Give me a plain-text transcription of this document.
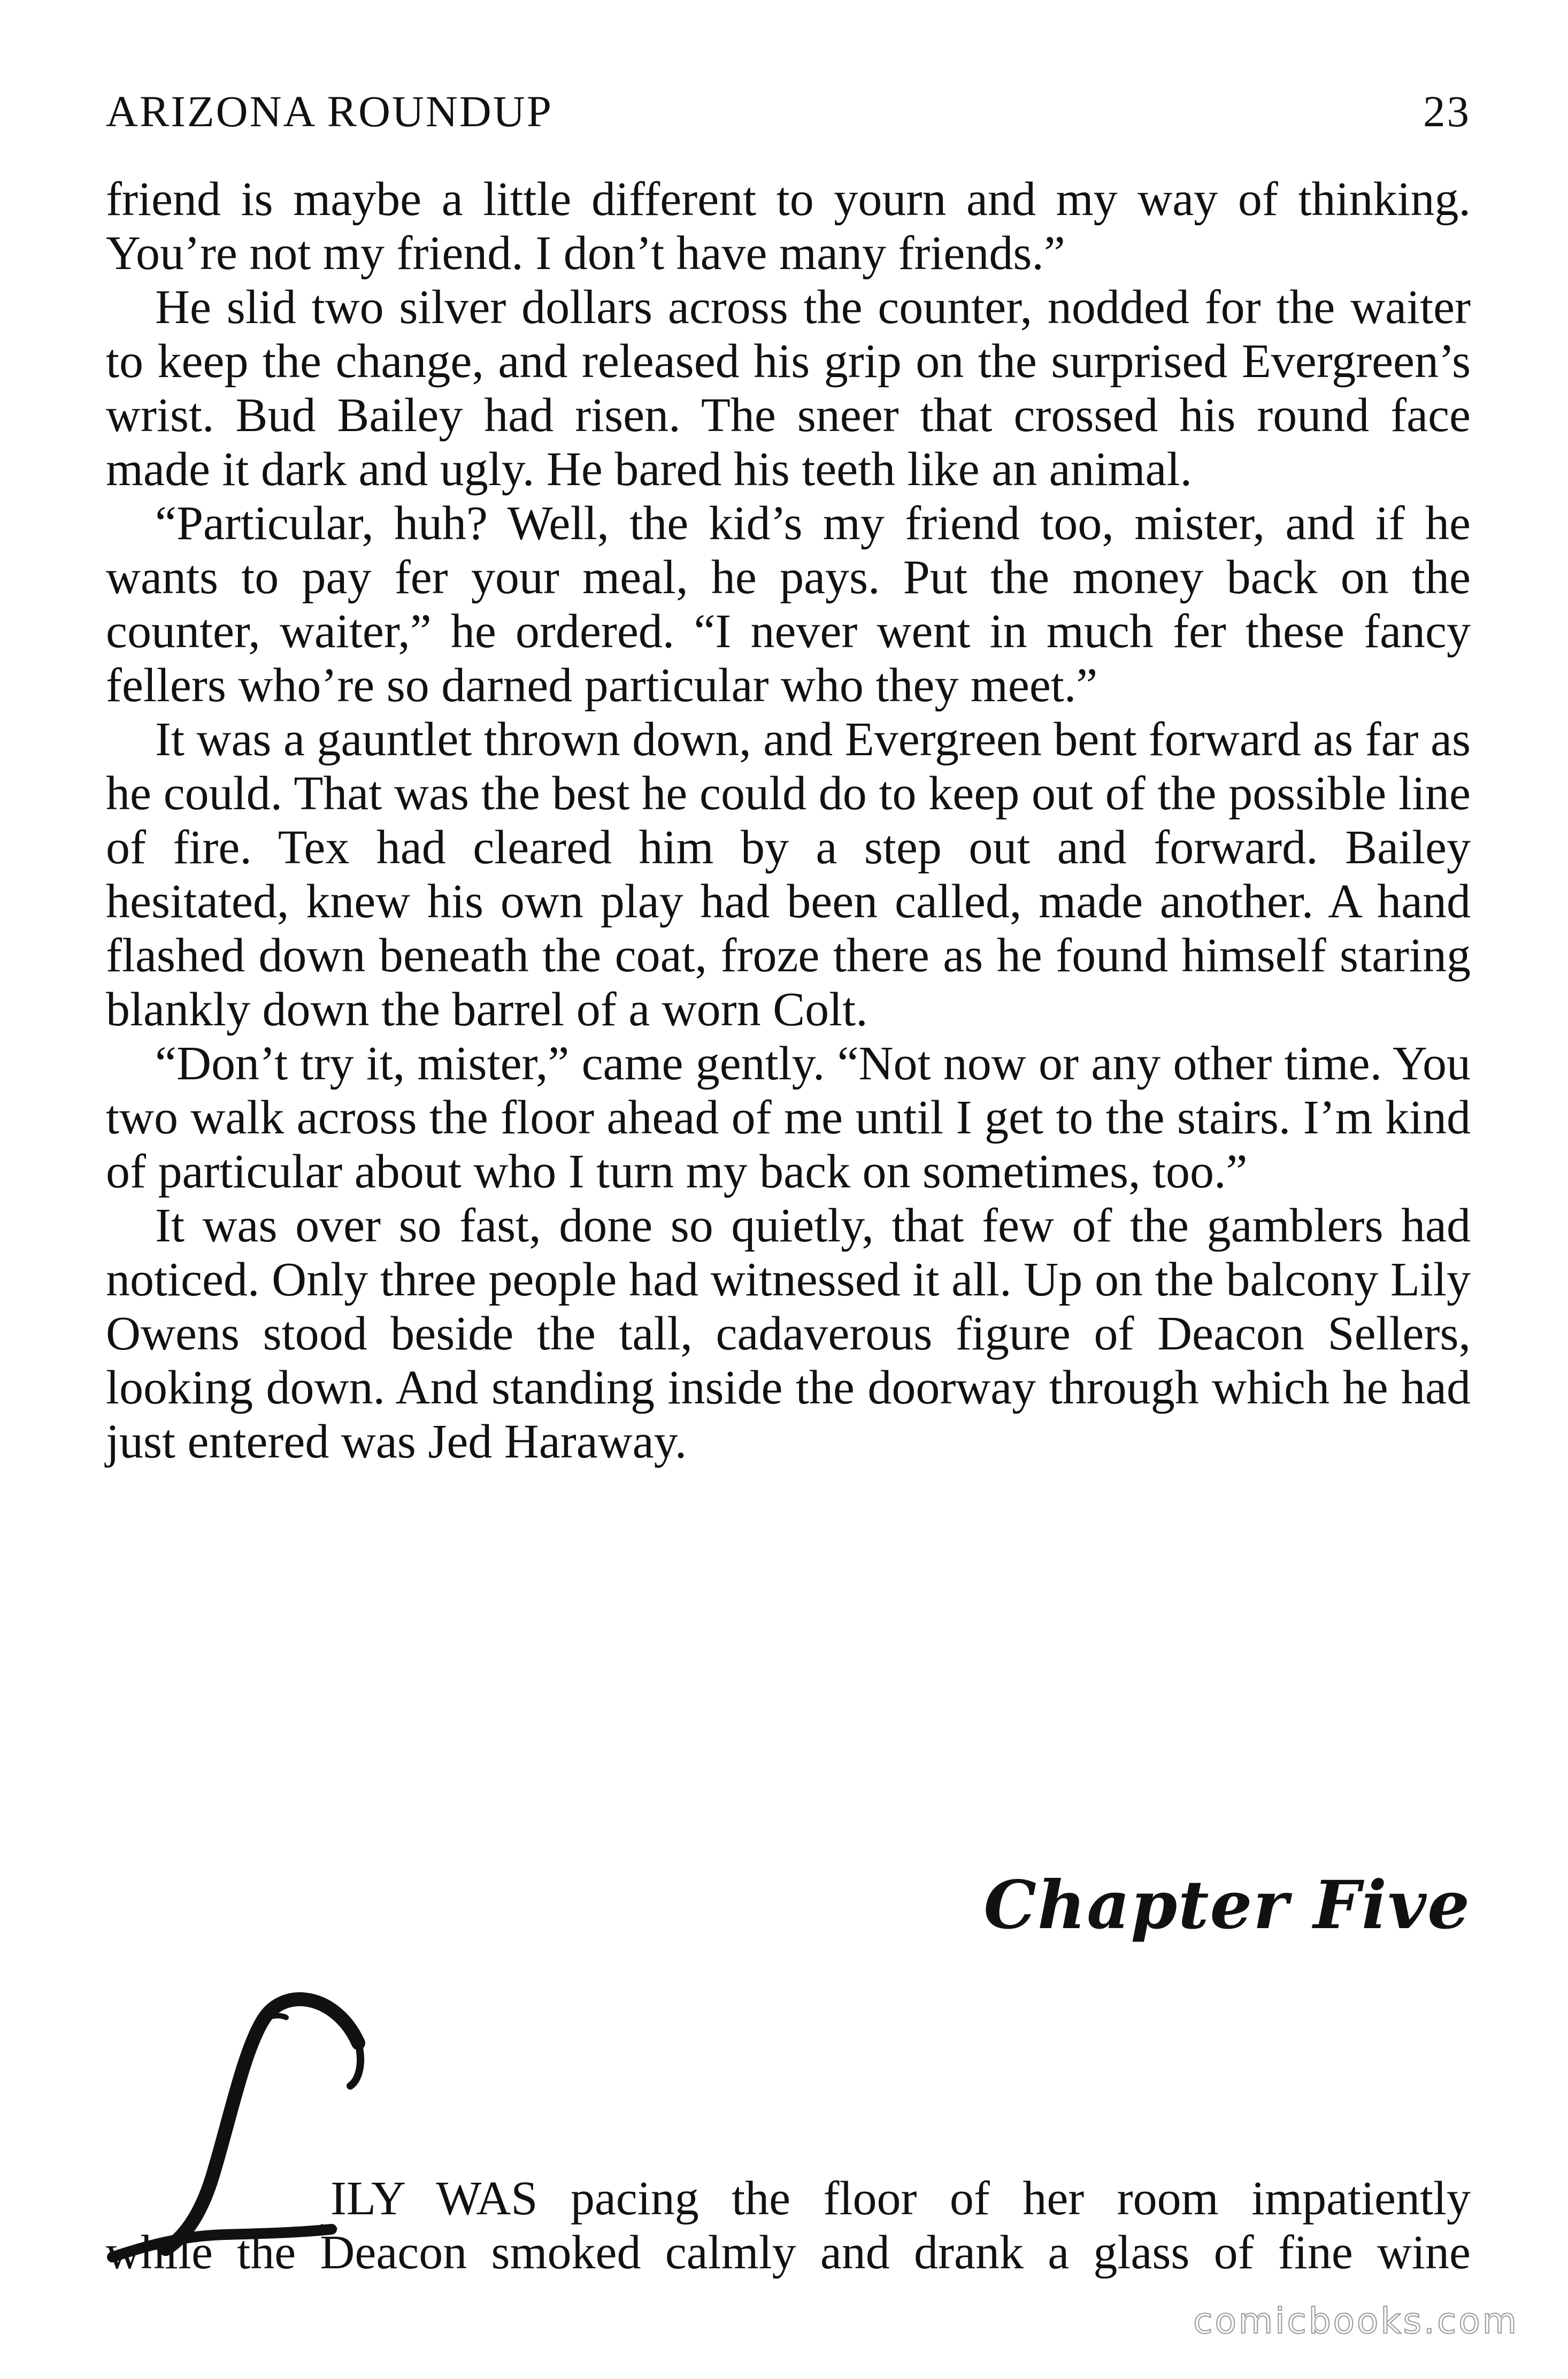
ARIZONA ROUNDUP	23

friend is maybe a little different to yourn and my way of thinking. You’re not my friend. I don’t have many friends.”

He slid two silver dollars across the counter, nodded for the waiter to keep the change, and released his grip on the surprised Evergreen’s wrist. Bud Bailey had risen. The sneer that crossed his round face made it dark and ugly. He bared his teeth like an animal.

“Particular, huh? Well, the kid’s my friend too, mister, and if he wants to pay fer your meal, he pays. Put the money back on the counter, waiter,” he ordered. “I never went in much fer these fancy fellers who’re so darned particular who they meet.”

It was a gauntlet thrown down, and Evergreen bent forward as far as he could. That was the best he could do to keep out of the possible line of fire. Tex had cleared him by a step out and forward. Bailey hesitated, knew his own play had been called, made another. A hand flashed down beneath the coat, froze there as he found himself staring blankly down the barrel of a worn Colt.

“Don’t try it, mister,” came gently. “Not now or any other time. You two walk across the floor ahead of me until I get to the stairs. I’m kind of particular about who I turn my back on sometimes, too.”

It was over so fast, done so quietly, that few of the gamblers had noticed. Only three people had witnessed it all. Up on the balcony Lily Owens stood beside the tall, cadaverous figure of Deacon Sellers, looking down. And standing inside the doorway through which he had just entered was Jed Haraway.

Chapter Five
ILY WAS pacing the floor of her room impatiently
while the Deacon smoked calmly and drank a glass of fine wine
comicbooks.com
